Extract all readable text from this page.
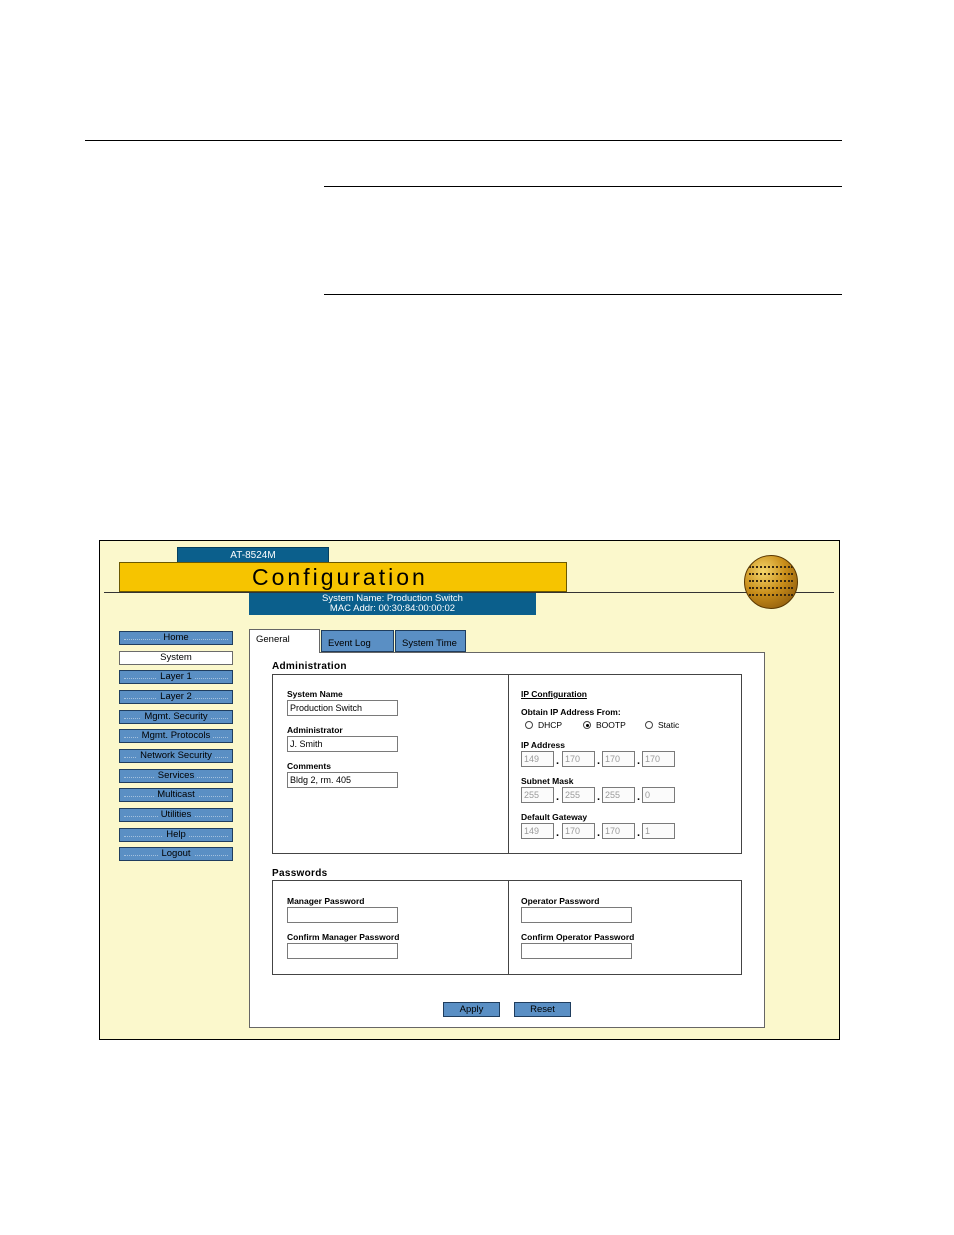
AT-8524M
Configuration
System Name: Production Switch
MAC Addr: 00:30:84:00:00:02
Home
System
Layer 1
Layer 2
Mgmt. Security
Mgmt. Protocols
Network Security
Services
Multicast
Utilities
Help
Logout
Event Log	System Time
Administration
System Name
Production Switch
Administrator
J. Smith
Comments
Bldg 2, rm. 405
IP Configuration
Obtain IP Address From:
DHCP	BOOTP	Static
IP Address
149	. 170	. 170	. 170
Subnet Mask
255	. 255	. 255	. 0
Default Gateway
149	. 170	. 170	. 1
Passwords
Manager Password
Confirm Manager Password
Operator Password
Confirm Operator Password
Apply	Reset
General
